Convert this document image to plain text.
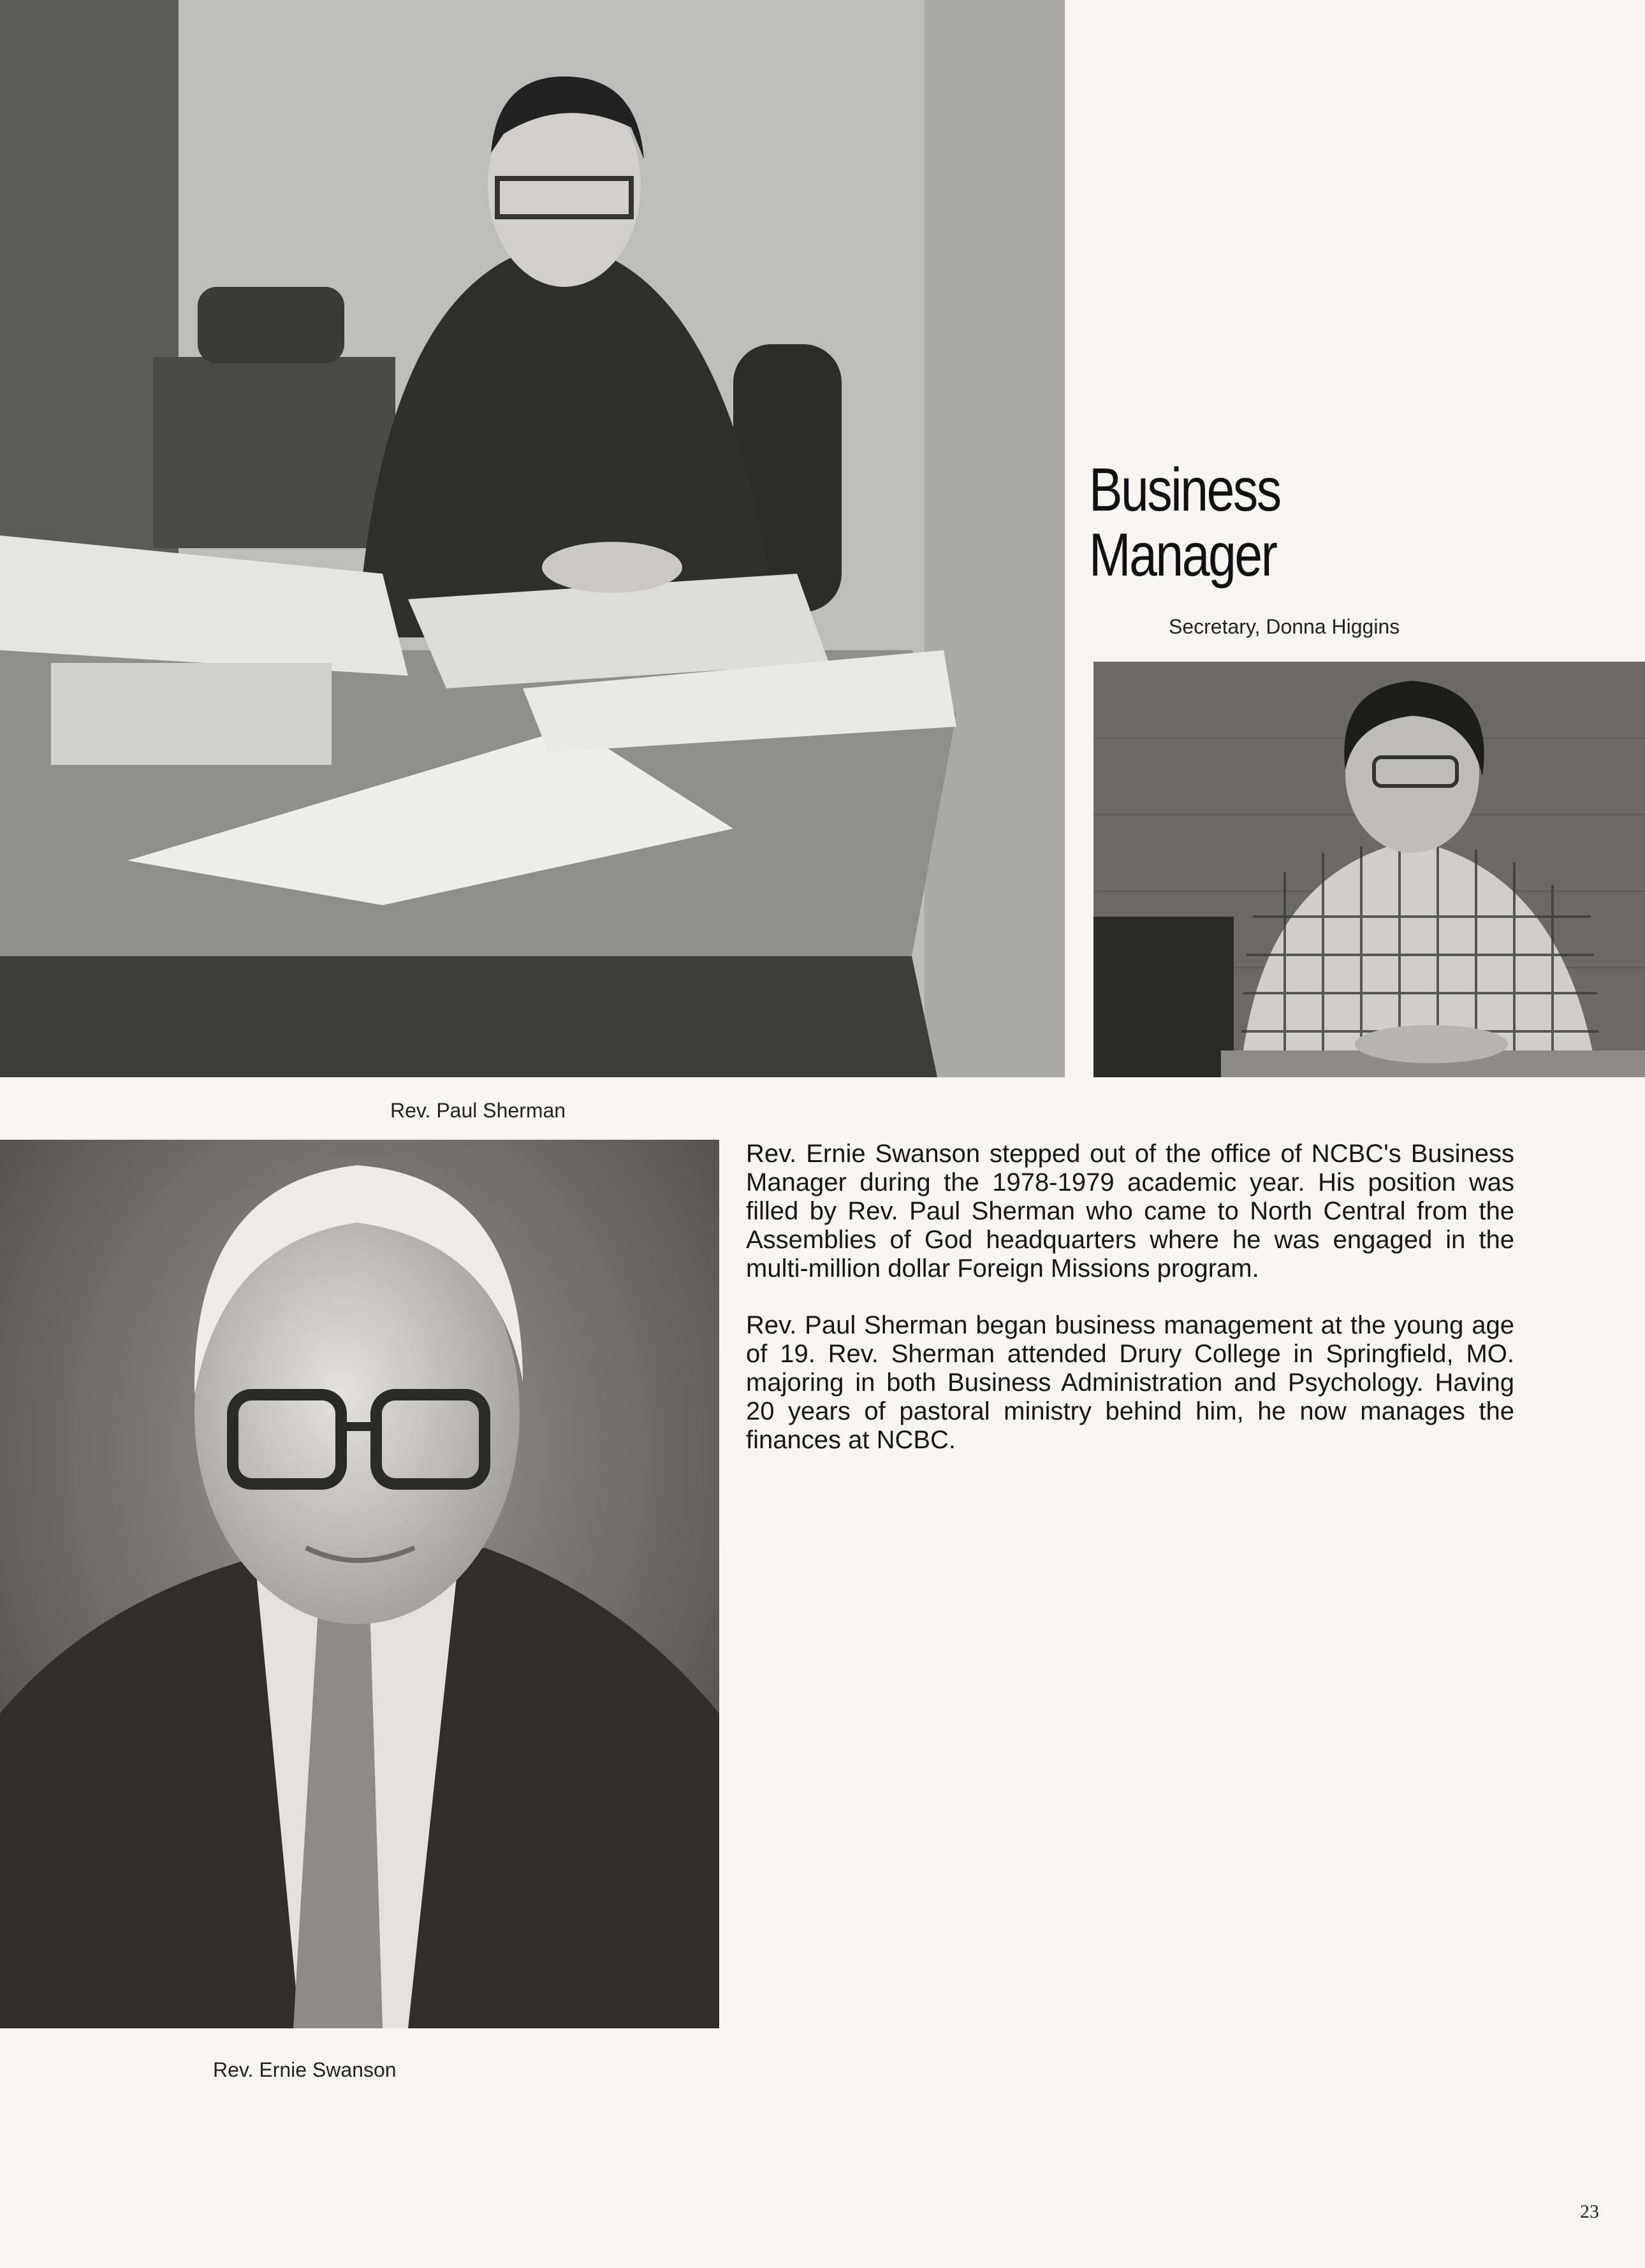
Business
Manager
Secretary, Donna Higgins
Rev. Paul Sherman
Rev. Ernie Swanson

Rev. Ernie Swanson stepped out of the office of NCBC's Business Manager during the 1978-1979 academic year. His position was filled by Rev. Paul Sherman who came to North Central from the Assemblies of God headquarters where he was engaged in the multi-million dollar Foreign Missions program.

Rev. Paul Sherman began business management at the young age of 19. Rev. Sherman attended Drury College in Springfield, MO. majoring in both Business Administration and Psychology. Having 20 years of pastoral ministry behind him, he now manages the finances at NCBC.

23
